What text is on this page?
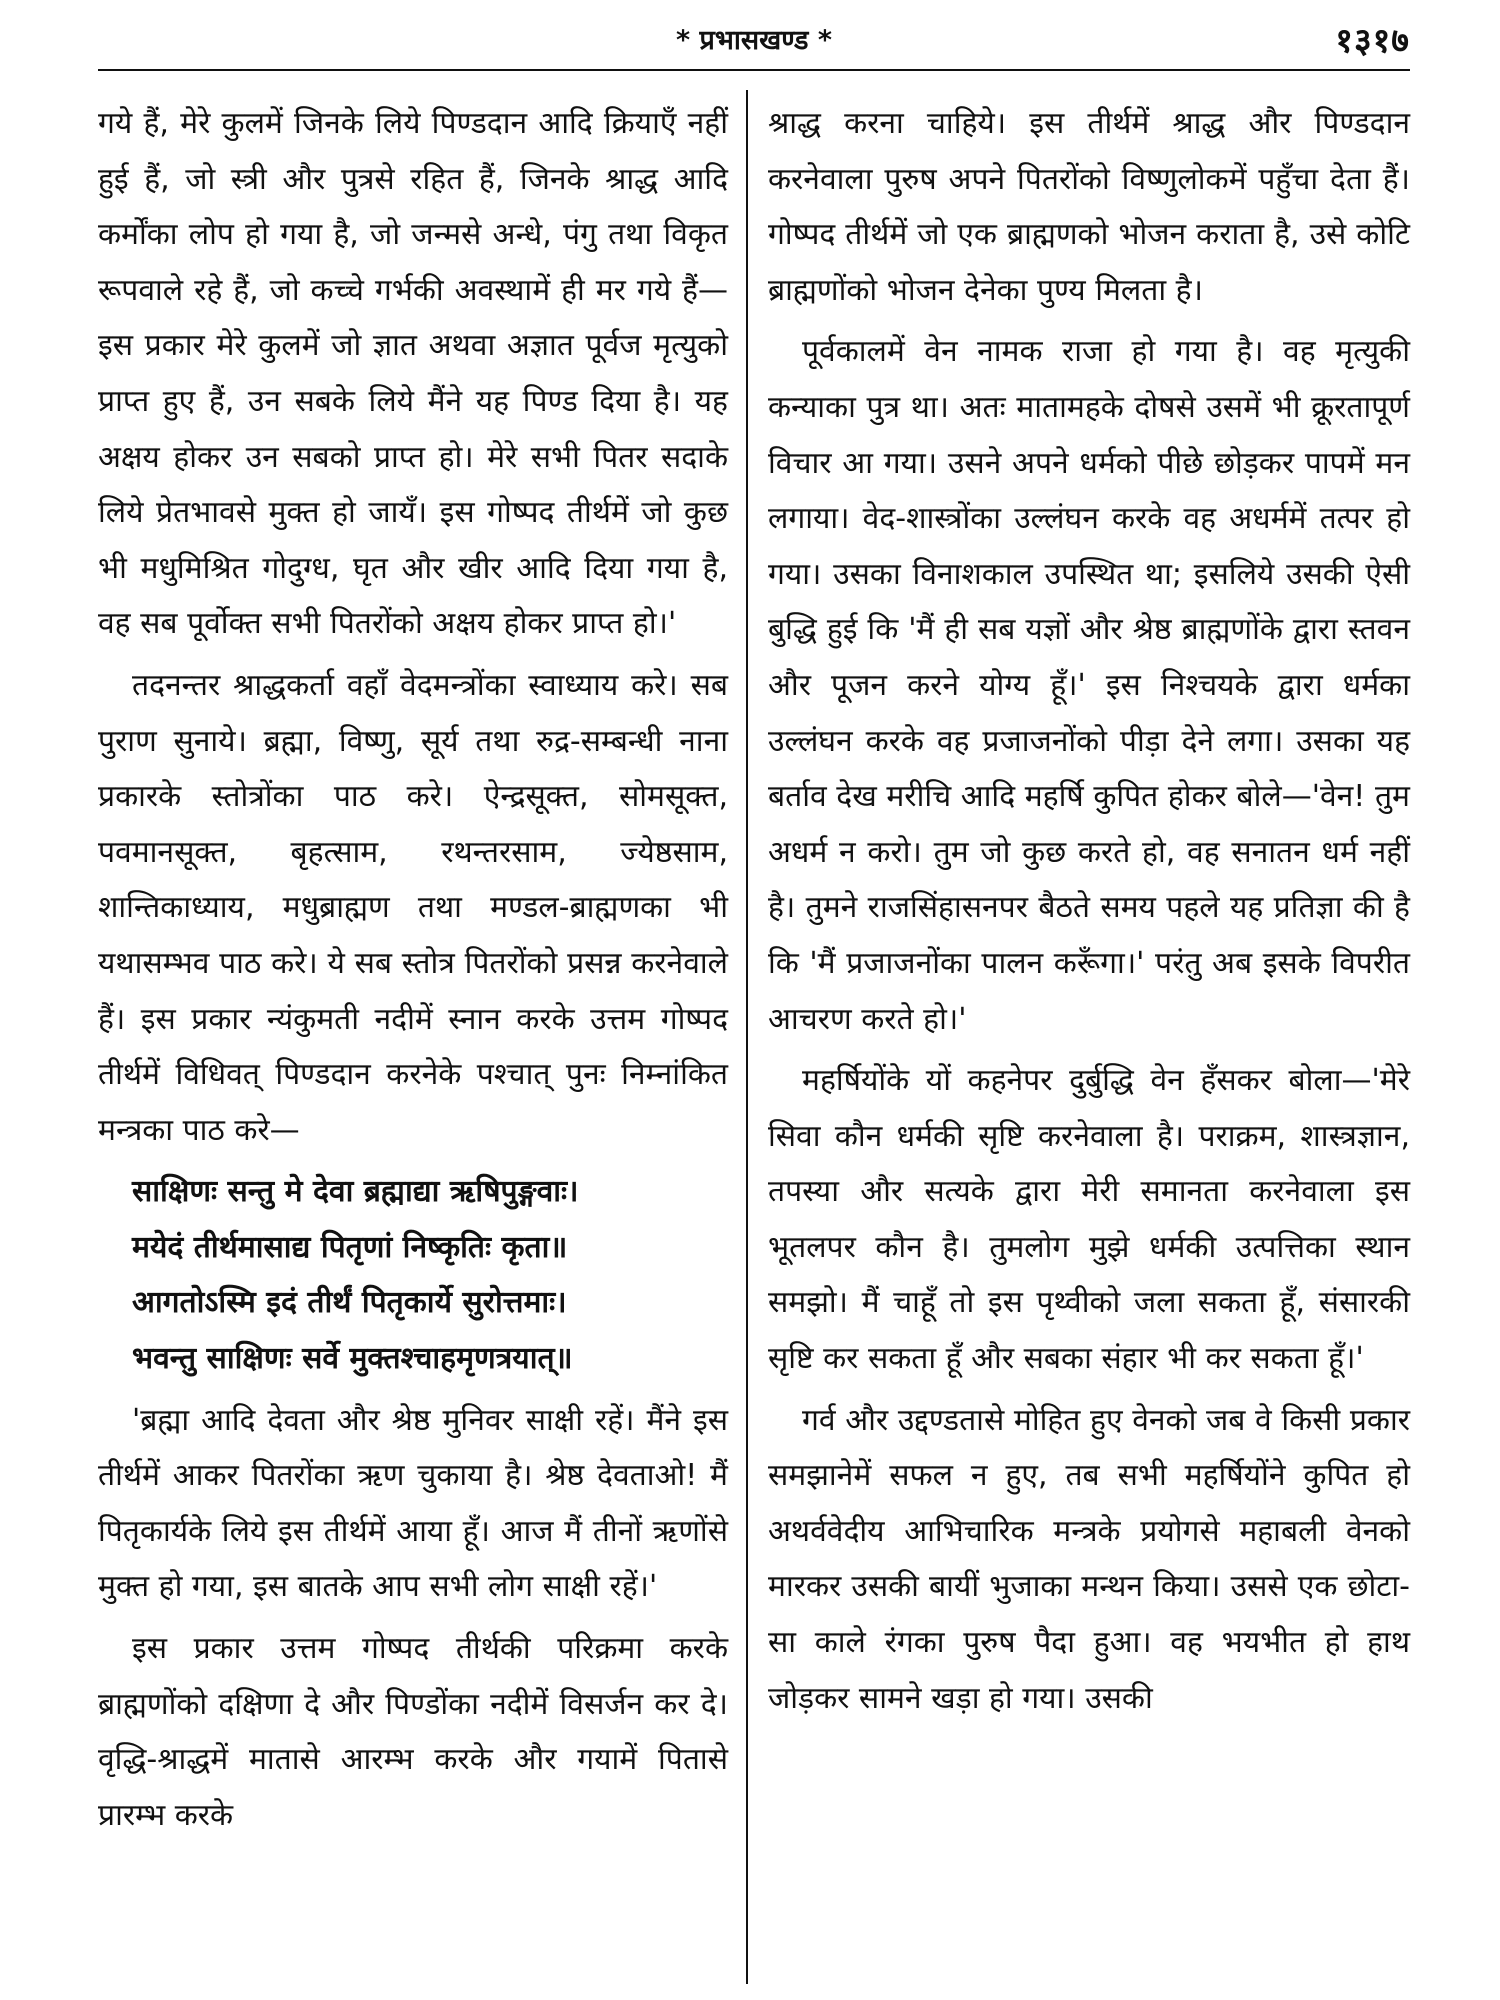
* प्रभासखण्ड *	१३१७

गये हैं, मेरे कुलमें जिनके लिये पिण्डदान आदि क्रियाएँ नहीं हुई हैं, जो स्त्री और पुत्रसे रहित हैं, जिनके श्राद्ध आदि कर्मोंका लोप हो गया है, जो जन्मसे अन्धे, पंगु तथा विकृत रूपवाले रहे हैं, जो कच्चे गर्भकी अवस्थामें ही मर गये हैं— इस प्रकार मेरे कुलमें जो ज्ञात अथवा अज्ञात पूर्वज मृत्युको प्राप्त हुए हैं, उन सबके लिये मैंने यह पिण्ड दिया है। यह अक्षय होकर उन सबको प्राप्त हो। मेरे सभी पितर सदाके लिये प्रेतभावसे मुक्त हो जायँ। इस गोष्पद तीर्थमें जो कुछ भी मधुमिश्रित गोदुग्ध, घृत और खीर आदि दिया गया है, वह सब पूर्वोक्त सभी पितरोंको अक्षय होकर प्राप्त हो।'

तदनन्तर श्राद्धकर्ता वहाँ वेदमन्त्रोंका स्वाध्याय करे। सब पुराण सुनाये। ब्रह्मा, विष्णु, सूर्य तथा रुद्र-सम्बन्धी नाना प्रकारके स्तोत्रोंका पाठ करे। ऐन्द्रसूक्त, सोमसूक्त, पवमानसूक्त, बृहत्साम, रथन्तरसाम, ज्येष्ठसाम, शान्तिकाध्याय, मधुब्राह्मण तथा मण्डल-ब्राह्मणका भी यथासम्भव पाठ करे। ये सब स्तोत्र पितरोंको प्रसन्न करनेवाले हैं। इस प्रकार न्यंकुमती नदीमें स्नान करके उत्तम गोष्पद तीर्थमें विधिवत् पिण्डदान करनेके पश्चात् पुनः निम्नांकित मन्त्रका पाठ करे—

साक्षिणः सन्तु मे देवा ब्रह्माद्या ऋषिपुङ्गवाः।
मयेदं तीर्थमासाद्य पितृणां निष्कृतिः कृता॥
आगतोऽस्मि इदं तीर्थं पितृकार्ये सुरोत्तमाः।
भवन्तु साक्षिणः सर्वे मुक्तश्चाहमृणत्रयात्॥

'ब्रह्मा आदि देवता और श्रेष्ठ मुनिवर साक्षी रहें। मैंने इस तीर्थमें आकर पितरोंका ऋण चुकाया है। श्रेष्ठ देवताओ! मैं पितृकार्यके लिये इस तीर्थमें आया हूँ। आज मैं तीनों ऋणोंसे मुक्त हो गया, इस बातके आप सभी लोग साक्षी रहें।'

इस प्रकार उत्तम गोष्पद तीर्थकी परिक्रमा करके ब्राह्मणोंको दक्षिणा दे और पिण्डोंका नदीमें विसर्जन कर दे। वृद्धि-श्राद्धमें मातासे आरम्भ करके और गयामें पितासे प्रारम्भ करके

श्राद्ध करना चाहिये। इस तीर्थमें श्राद्ध और पिण्डदान करनेवाला पुरुष अपने पितरोंको विष्णुलोकमें पहुँचा देता हैं। गोष्पद तीर्थमें जो एक ब्राह्मणको भोजन कराता है, उसे कोटि ब्राह्मणोंको भोजन देनेका पुण्य मिलता है।

पूर्वकालमें वेन नामक राजा हो गया है। वह मृत्युकी कन्याका पुत्र था। अतः मातामहके दोषसे उसमें भी क्रूरतापूर्ण विचार आ गया। उसने अपने धर्मको पीछे छोड़कर पापमें मन लगाया। वेद-शास्त्रोंका उल्लंघन करके वह अधर्ममें तत्पर हो गया। उसका विनाशकाल उपस्थित था; इसलिये उसकी ऐसी बुद्धि हुई कि 'मैं ही सब यज्ञों और श्रेष्ठ ब्राह्मणोंके द्वारा स्तवन और पूजन करने योग्य हूँ।' इस निश्चयके द्वारा धर्मका उल्लंघन करके वह प्रजाजनोंको पीड़ा देने लगा। उसका यह बर्ताव देख मरीचि आदि महर्षि कुपित होकर बोले—'वेन! तुम अधर्म न करो। तुम जो कुछ करते हो, वह सनातन धर्म नहीं है। तुमने राजसिंहासनपर बैठते समय पहले यह प्रतिज्ञा की है कि 'मैं प्रजाजनोंका पालन करूँगा।' परंतु अब इसके विपरीत आचरण करते हो।'

महर्षियोंके यों कहनेपर दुर्बुद्धि वेन हँसकर बोला—'मेरे सिवा कौन धर्मकी सृष्टि करनेवाला है। पराक्रम, शास्त्रज्ञान, तपस्या और सत्यके द्वारा मेरी समानता करनेवाला इस भूतलपर कौन है। तुमलोग मुझे धर्मकी उत्पत्तिका स्थान समझो। मैं चाहूँ तो इस पृथ्वीको जला सकता हूँ, संसारकी सृष्टि कर सकता हूँ और सबका संहार भी कर सकता हूँ।'

गर्व और उद्दण्डतासे मोहित हुए वेनको जब वे किसी प्रकार समझानेमें सफल न हुए, तब सभी महर्षियोंने कुपित हो अथर्ववेदीय आभिचारिक मन्त्रके प्रयोगसे महाबली वेनको मारकर उसकी बायीं भुजाका मन्थन किया। उससे एक छोटा-सा काले रंगका पुरुष पैदा हुआ। वह भयभीत हो हाथ जोड़कर सामने खड़ा हो गया। उसकी
